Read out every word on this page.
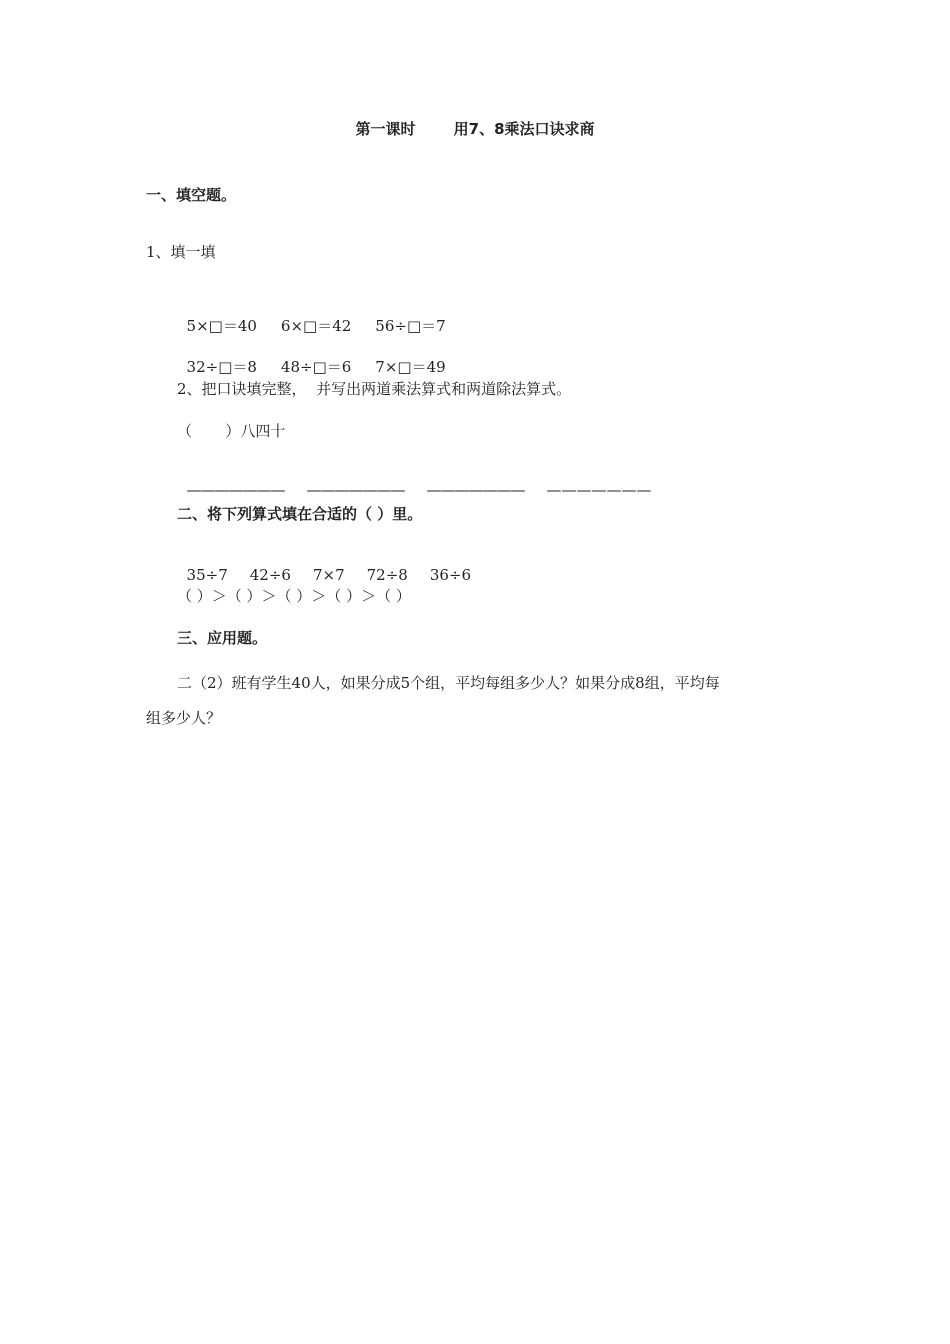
第一课时	用7、8乘法口诀求商
一、填空题。
1、填一填

5×□＝40 6×□＝42 56÷□＝7

32÷□＝8 48÷□＝6 7×□＝49

2、把口诀填完整，  并写出两道乘法算式和两道除法算式。
（       ）八四十

——————— ——————— ——————— ———————

二、将下列算式填在合适的（ ）里。

35÷7 42÷6 7×7 72÷8 36÷6

（ ）＞（ ）＞（ ）＞（ ）＞（ ）
三、应用题。
二（2）班有学生40人，如果分成5个组，平均每组多少人？如果分成8组，平均每
组多少人？
